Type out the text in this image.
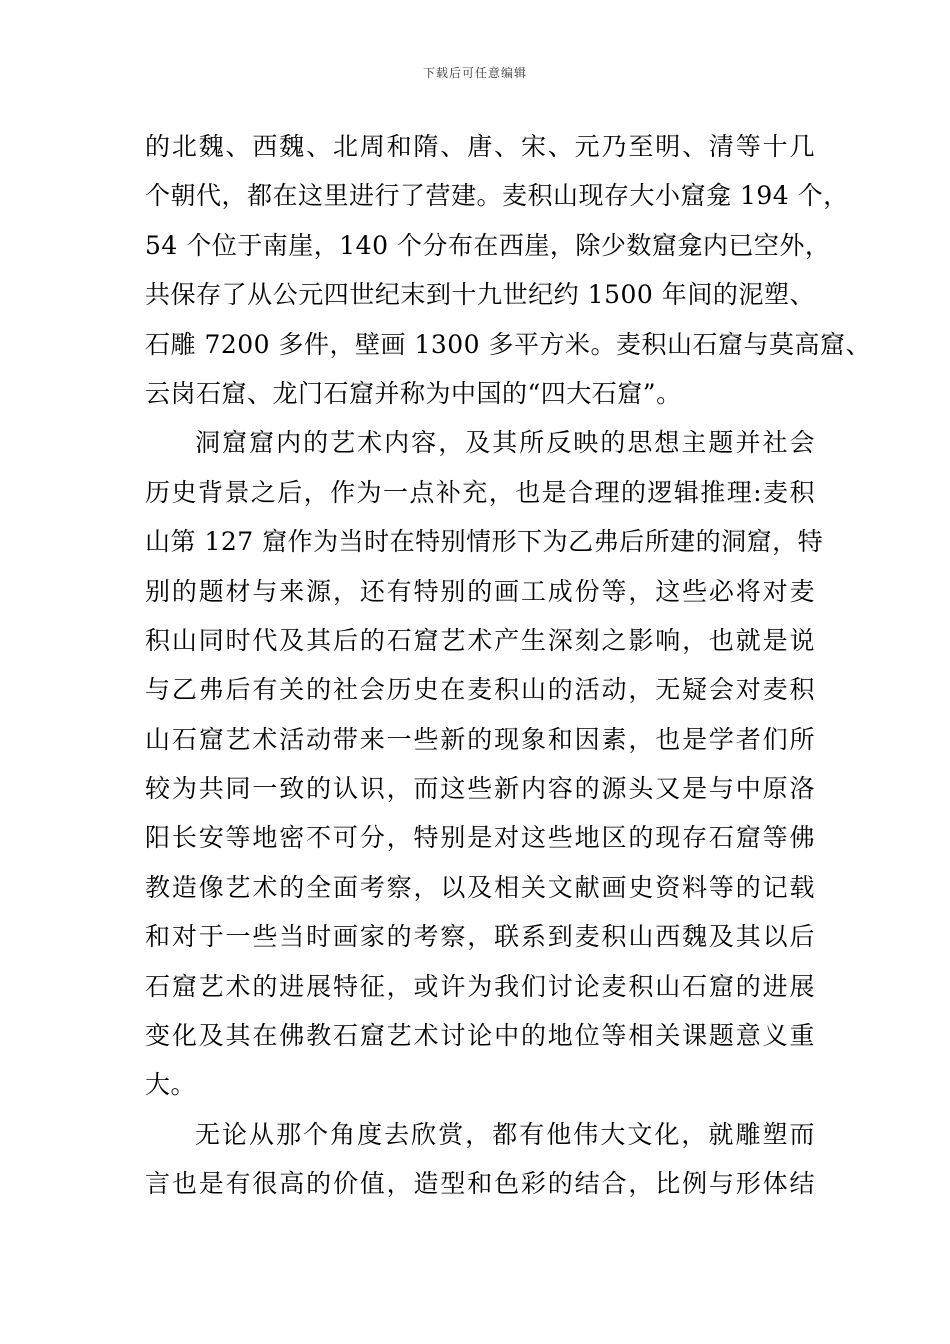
下载后可任意编辑
的北魏、西魏、北周和隋、唐、宋、元乃至明、清等十几
个朝代，都在这里进行了营建。麦积山现存大小窟龛 194 个，
54 个位于南崖，140 个分布在西崖，除少数窟龛内已空外，
共保存了从公元四世纪末到十九世纪约 1500 年间的泥塑、
石雕 7200 多件，壁画 1300 多平方米。麦积山石窟与莫高窟、
云岗石窟、龙门石窟并称为中国的“四大石窟”。
洞窟窟内的艺术内容，及其所反映的思想主题并社会
历史背景之后，作为一点补充，也是合理的逻辑推理:麦积
山第 127 窟作为当时在特别情形下为乙弗后所建的洞窟，特
别的题材与来源，还有特别的画工成份等，这些必将对麦
积山同时代及其后的石窟艺术产生深刻之影响，也就是说
与乙弗后有关的社会历史在麦积山的活动，无疑会对麦积
山石窟艺术活动带来一些新的现象和因素，也是学者们所
较为共同一致的认识，而这些新内容的源头又是与中原洛
阳长安等地密不可分，特别是对这些地区的现存石窟等佛
教造像艺术的全面考察，以及相关文献画史资料等的记载
和对于一些当时画家的考察，联系到麦积山西魏及其以后
石窟艺术的进展特征，或许为我们讨论麦积山石窟的进展
变化及其在佛教石窟艺术讨论中的地位等相关课题意义重
大。
无论从那个角度去欣赏，都有他伟大文化，就雕塑而
言也是有很高的价值，造型和色彩的结合，比例与形体结
